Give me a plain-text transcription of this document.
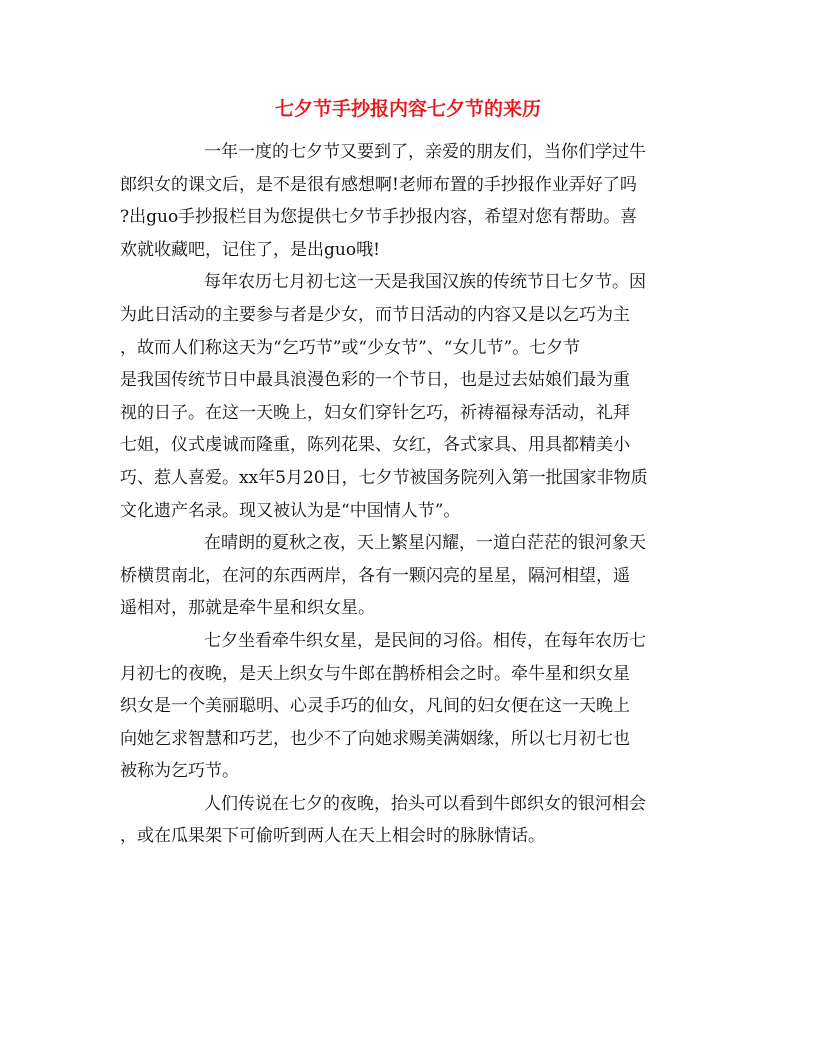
七夕节手抄报内容七夕节的来历
一年一度的七夕节又要到了，亲爱的朋友们，当你们学过牛
郎织女的课文后，是不是很有感想啊!老师布置的手抄报作业弄好了吗
?出guo手抄报栏目为您提供七夕节手抄报内容，希望对您有帮助。喜
欢就收藏吧，记住了，是出guo哦!
每年农历七月初七这一天是我国汉族的传统节日七夕节。因
为此日活动的主要参与者是少女，而节日活动的内容又是以乞巧为主
，故而人们称这天为“乞巧节”或“少女节”、“女儿节”。七夕节
是我国传统节日中最具浪漫色彩的一个节日，也是过去姑娘们最为重
视的日子。在这一天晚上，妇女们穿针乞巧，祈祷福禄寿活动，礼拜
七姐，仪式虔诚而隆重，陈列花果、女红，各式家具、用具都精美小
巧、惹人喜爱。xx年5月20日，七夕节被国务院列入第一批国家非物质
文化遗产名录。现又被认为是“中国情人节”。
在晴朗的夏秋之夜，天上繁星闪耀，一道白茫茫的银河象天
桥横贯南北，在河的东西两岸，各有一颗闪亮的星星，隔河相望，遥
遥相对，那就是牵牛星和织女星。
七夕坐看牵牛织女星，是民间的习俗。相传，在每年农历七
月初七的夜晚，是天上织女与牛郎在鹊桥相会之时。牵牛星和织女星
织女是一个美丽聪明、心灵手巧的仙女，凡间的妇女便在这一天晚上
向她乞求智慧和巧艺，也少不了向她求赐美满姻缘，所以七月初七也
被称为乞巧节。
人们传说在七夕的夜晚，抬头可以看到牛郎织女的银河相会
，或在瓜果架下可偷听到两人在天上相会时的脉脉情话。
